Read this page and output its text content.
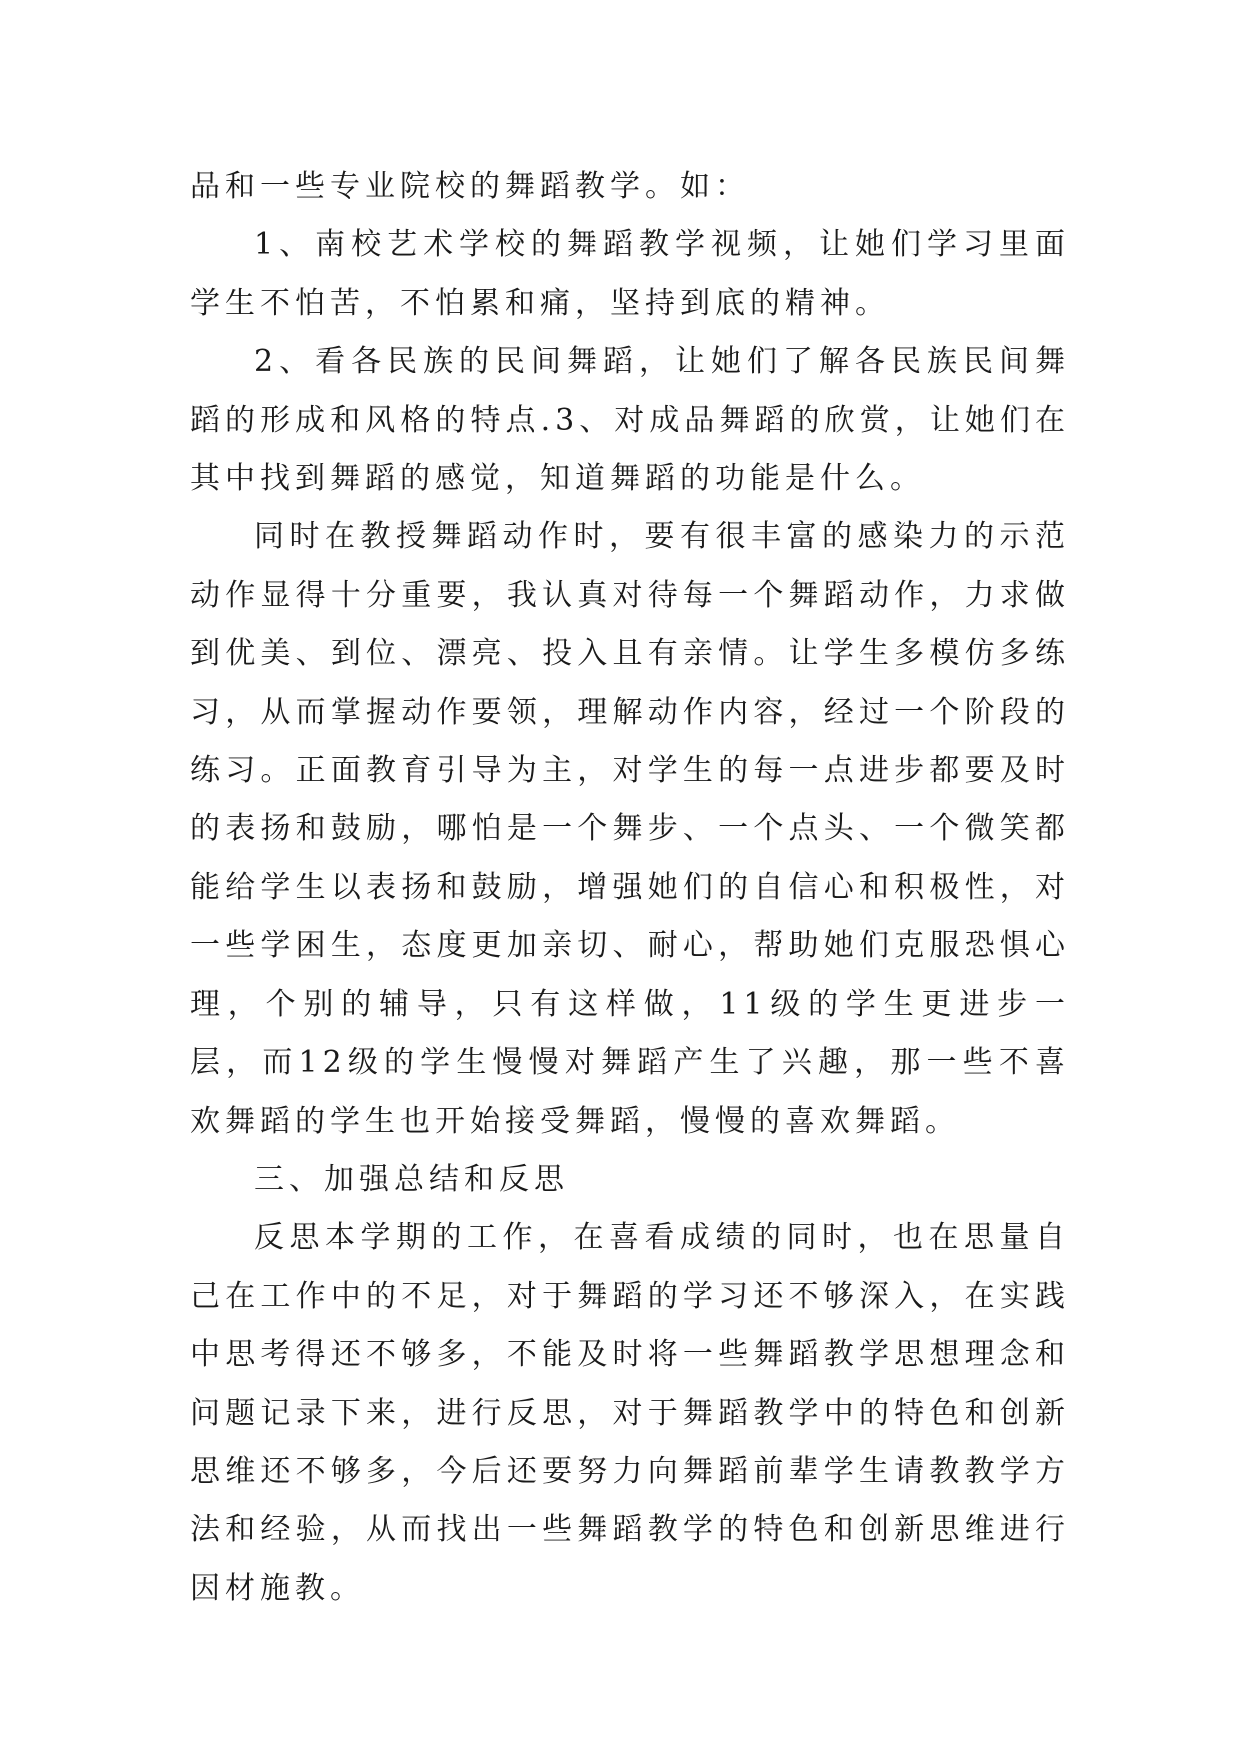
品和一些专业院校的舞蹈教学。如：

1、南校艺术学校的舞蹈教学视频，让她们学习里面学生不怕苦，不怕累和痛，坚持到底的精神。

2、看各民族的民间舞蹈，让她们了解各民族民间舞蹈的形成和风格的特点.3、对成品舞蹈的欣赏，让她们在其中找到舞蹈的感觉，知道舞蹈的功能是什么。

同时在教授舞蹈动作时，要有很丰富的感染力的示范动作显得十分重要，我认真对待每一个舞蹈动作，力求做到优美、到位、漂亮、投入且有亲情。让学生多模仿多练习，从而掌握动作要领，理解动作内容，经过一个阶段的练习。正面教育引导为主，对学生的每一点进步都要及时的表扬和鼓励，哪怕是一个舞步、一个点头、一个微笑都能给学生以表扬和鼓励，增强她们的自信心和积极性，对一些学困生，态度更加亲切、耐心，帮助她们克服恐惧心理，个别的辅导，只有这样做，11级的学生更进步一层，而12级的学生慢慢对舞蹈产生了兴趣，那一些不喜欢舞蹈的学生也开始接受舞蹈，慢慢的喜欢舞蹈。

三、加强总结和反思

反思本学期的工作，在喜看成绩的同时，也在思量自己在工作中的不足，对于舞蹈的学习还不够深入，在实践中思考得还不够多，不能及时将一些舞蹈教学思想理念和问题记录下来，进行反思，对于舞蹈教学中的特色和创新思维还不够多，今后还要努力向舞蹈前辈学生请教教学方法和经验，从而找出一些舞蹈教学的特色和创新思维进行因材施教。
